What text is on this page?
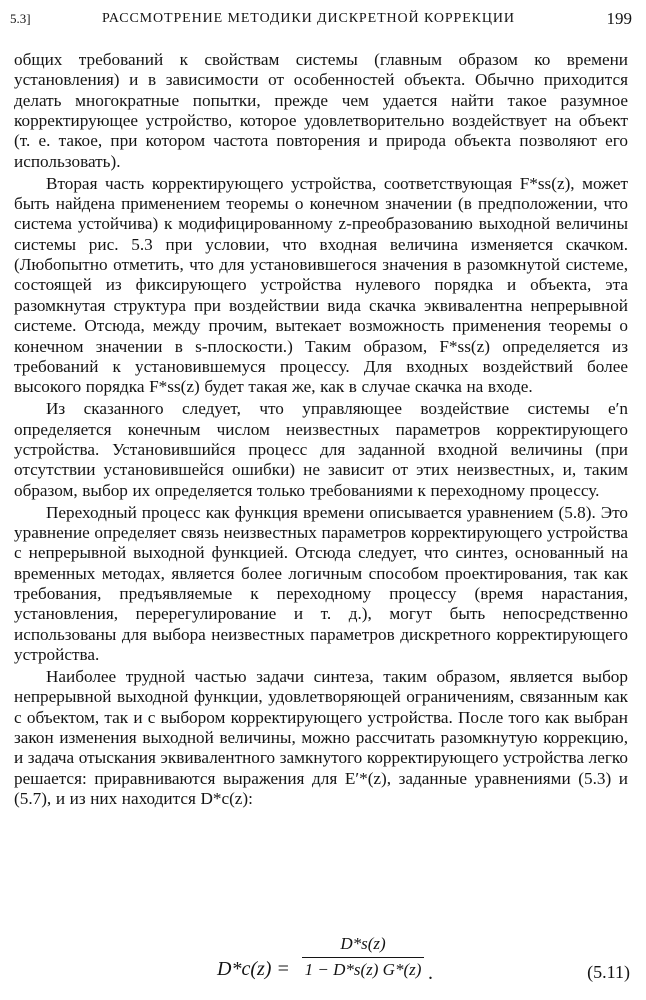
5.3]	РАССМОТРЕНИЕ МЕТОДИКИ ДИСКРЕТНОЙ КОРРЕКЦИИ	199

общих требований к свойствам системы (главным образом ко времени установления) и в зависимости от особенностей объекта. Обычно приходится делать многократные попытки, прежде чем удается найти такое разумное корректирующее устройство, которое удовлетворительно воздействует на объект (т. е. такое, при котором частота повторения и природа объекта позволяют его использовать).

Вторая часть корректирующего устройства, соответствующая F*ss(z), может быть найдена применением теоремы о конечном значении (в предположении, что система устойчива) к модифицированному z-преобразованию выходной величины системы рис. 5.3 при условии, что входная величина изменяется скачком. (Любопытно отметить, что для установившегося значения в разомкнутой системе, состоящей из фиксирующего устройства нулевого порядка и объекта, эта разомкнутая структура при воздействии вида скачка эквивалентна непрерывной системе. Отсюда, между прочим, вытекает возможность применения теоремы о конечном значении в s-плоскости.) Таким образом, F*ss(z) определяется из требований к установившемуся процессу. Для входных воздействий более высокого порядка F*ss(z) будет такая же, как в случае скачка на входе.

Из сказанного следует, что управляющее воздействие системы e′n определяется конечным числом неизвестных параметров корректирующего устройства. Установившийся процесс для заданной входной величины (при отсутствии установившейся ошибки) не зависит от этих неизвестных, и, таким образом, выбор их определяется только требованиями к переходному процессу.

Переходный процесс как функция времени описывается уравнением (5.8). Это уравнение определяет связь неизвестных параметров корректирующего устройства с непрерывной выходной функцией. Отсюда следует, что синтез, основанный на временных методах, является более логичным способом проектирования, так как требования, предъявляемые к переходному процессу (время нарастания, установления, перерегулирование и т. д.), могут быть непосредственно использованы для выбора неизвестных параметров дискретного корректирующего устройства.

Наиболее трудной частью задачи синтеза, таким образом, является выбор непрерывной выходной функции, удовлетворяющей ограничениям, связанным как с объектом, так и с выбором корректирующего устройства. После того как выбран закон изменения выходной величины, можно рассчитать разомкнутую коррекцию, и задача отыскания эквивалентного замкнутого корректирующего устройства легко решается: приравниваются выражения для E′*(z), заданные уравнениями (5.3) и (5.7), и из них находится D*c(z):

D*c(z) =
D*s(z)
1 − D*s(z) G*(z) .	(5.11)
